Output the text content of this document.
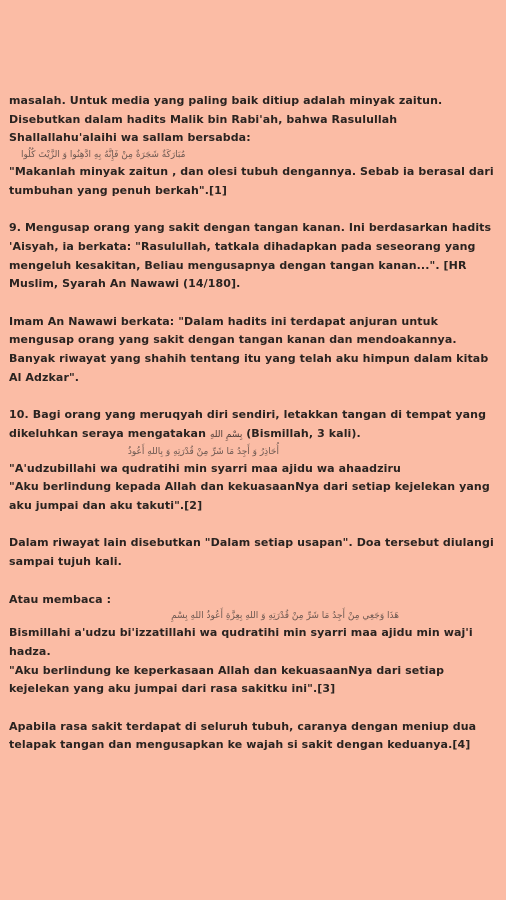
masalah. Untuk media yang paling baik ditiup adalah minyak zaitun. Disebutkan dalam hadits Malik bin Rabi'ah, bahwa Rasulullah Shallallahu'alaihi wa sallam bersabda:

مُبَارَكَةٌ شَجَرَةٌ مِنْ فَإِنَّهُ بِهِ ادَّهِنُوا وَ الزَّيْتَ كُلُوا

"Makanlah minyak zaitun , dan olesi tubuh dengannya. Sebab ia berasal dari tumbuhan yang penuh berkah".[1]

9. Mengusap orang yang sakit dengan tangan kanan. Ini berdasarkan hadits 'Aisyah, ia berkata: "Rasulullah, tatkala dihadapkan pada seseorang yang mengeluh kesakitan, Beliau mengusapnya dengan tangan kanan...". [HR Muslim, Syarah An Nawawi (14/180].

Imam An Nawawi berkata: "Dalam hadits ini terdapat anjuran untuk mengusap orang yang sakit dengan tangan kanan dan mendoakannya. Banyak riwayat yang shahih tentang itu yang telah aku himpun dalam kitab Al Adzkar".

10. Bagi orang yang meruqyah diri sendiri, letakkan tangan di tempat yang dikeluhkan seraya mengatakan بِسْمِ اللهِ (Bismillah, 3 kali).

أُحَاذِرُ وَ أَجِدُ مَا شَرِّ مِنْ قُدْرَتِهِ وَ بِاللهِ أَعُوذُ

"A'udzubillahi wa qudratihi min syarri maa ajidu wa ahaadziru

"Aku berlindung kepada Allah dan kekuasaanNya dari setiap kejelekan yang aku jumpai dan aku takuti".[2]

Dalam riwayat lain disebutkan "Dalam setiap usapan". Doa tersebut diulangi sampai tujuh kali.

Atau membaca :

هَذَا وَجَعِي مِنْ أَجِدُ مَا شَرِّ مِنْ قُدْرَتِهِ وَ اللهِ بِعِزَّةِ أَعُوذُ اللهِ بِسْمِ

Bismillahi a'udzu bi'izzatillahi wa qudratihi min syarri maa ajidu min waj'i hadza.

"Aku berlindung ke keperkasaan Allah dan kekuasaanNya dari setiap kejelekan yang aku jumpai dari rasa sakitku ini".[3]

Apabila rasa sakit terdapat di seluruh tubuh, caranya dengan meniup dua telapak tangan dan mengusapkan ke wajah si sakit dengan keduanya.[4]
